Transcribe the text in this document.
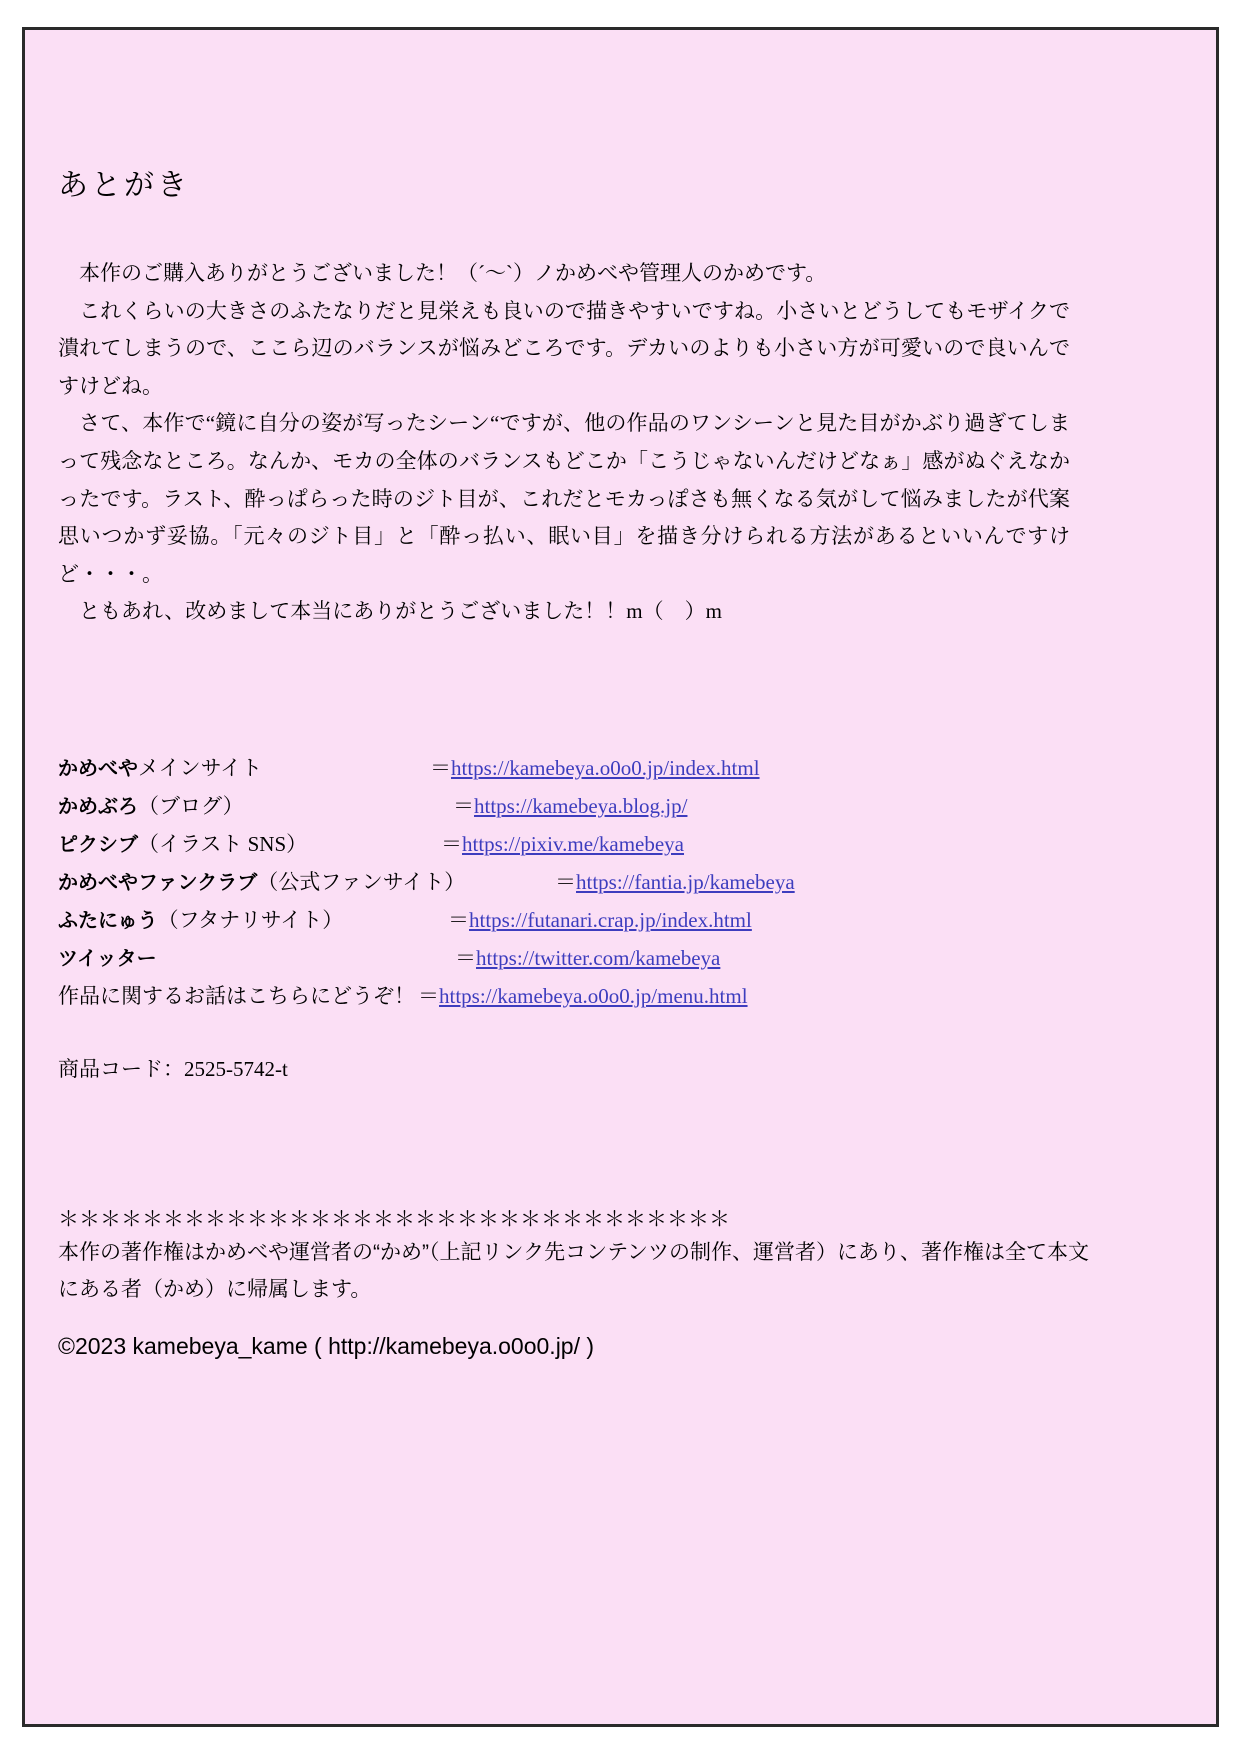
あとがき

　本作のご購入ありがとうございました！（´～`）ノかめべや管理人のかめです。

　これくらいの大きさのふたなりだと見栄えも良いので描きやすいですね。小さいとどうしてもモザイクで潰れてしまうので、ここら辺のバランスが悩みどころです。デカいのよりも小さい方が可愛いので良いんですけどね。

　さて、本作で“鏡に自分の姿が写ったシーン“ですが、他の作品のワンシーンと見た目がかぶり過ぎてしまって残念なところ。なんか、モカの全体のバランスもどこか「こうじゃないんだけどなぁ」感がぬぐえなかったです。ラスト、酔っぱらった時のジト目が、これだとモカっぽさも無くなる気がして悩みましたが代案思いつかず妥協。「元々のジト目」と「酔っ払い、眠い目」を描き分けられる方法があるといいんですけど・・・。

　ともあれ、改めまして本当にありがとうございました！！m（　）m

かめべやメインサイト	＝ https://kamebeya.o0o0.jp/index.html
かめぶろ（ブログ）	＝ https://kamebeya.blog.jp/
ピクシブ（イラスト SNS）	＝ https://pixiv.me/kamebeya
かめべやファンクラブ（公式ファンサイト）	＝ https://fantia.jp/kamebeya
ふたにゅう（フタナリサイト）	＝ https://futanari.crap.jp/index.html
ツイッター	＝ https://twitter.com/kamebeya
作品に関するお話はこちらにどうぞ！ ＝ https://kamebeya.o0o0.jp/menu.html
商品コード：2525-5742-t
＊＊＊＊＊＊＊＊＊＊＊＊＊＊＊＊＊＊＊＊＊＊＊＊＊＊＊＊＊＊＊＊
本作の著作権はかめべや運営者の“かめ”（上記リンク先コンテンツの制作、運営者）にあり、著作権は全て本文
にある者（かめ）に帰属します。
©2023 kamebeya_kame ( http://kamebeya.o0o0.jp/ )
